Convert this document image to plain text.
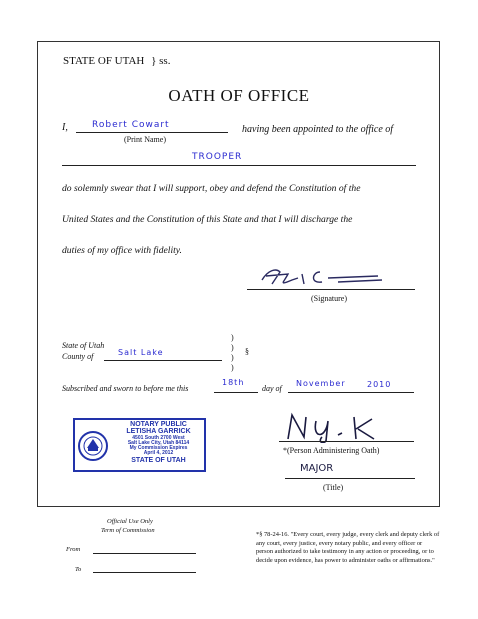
STATE OF UTAH } ss.
OATH OF OFFICE
I,	Robert Cowart
(Print Name)
having been appointed to the office of
TROOPER
do solemnly swear that I will support, obey and defend the Constitution of the
United States and the Constitution of this State and that I will discharge the
duties of my office with fidelity.
(Signature)
State of Utah
County of	Salt Lake
)
)
)
)
§
Subscribed and sworn to before me this
18th
day of
November	2010
NOTARY PUBLIC
LETISHA GARRICK
4501 South 2700 West
Salt Lake City, Utah 84114
My Commission Expires
April 4, 2012
STATE OF UTAH
*(Person Administering Oath)
MAJOR
(Title)
Official Use Only
Term of Commission
From
To
*§ 78-24-16. "Every court, every judge, every clerk and deputy clerk of any court, every justice, every notary public, and every officer or person authorized to take testimony in any action or proceeding, or to decide upon evidence, has power to administer oaths or affirmations."
